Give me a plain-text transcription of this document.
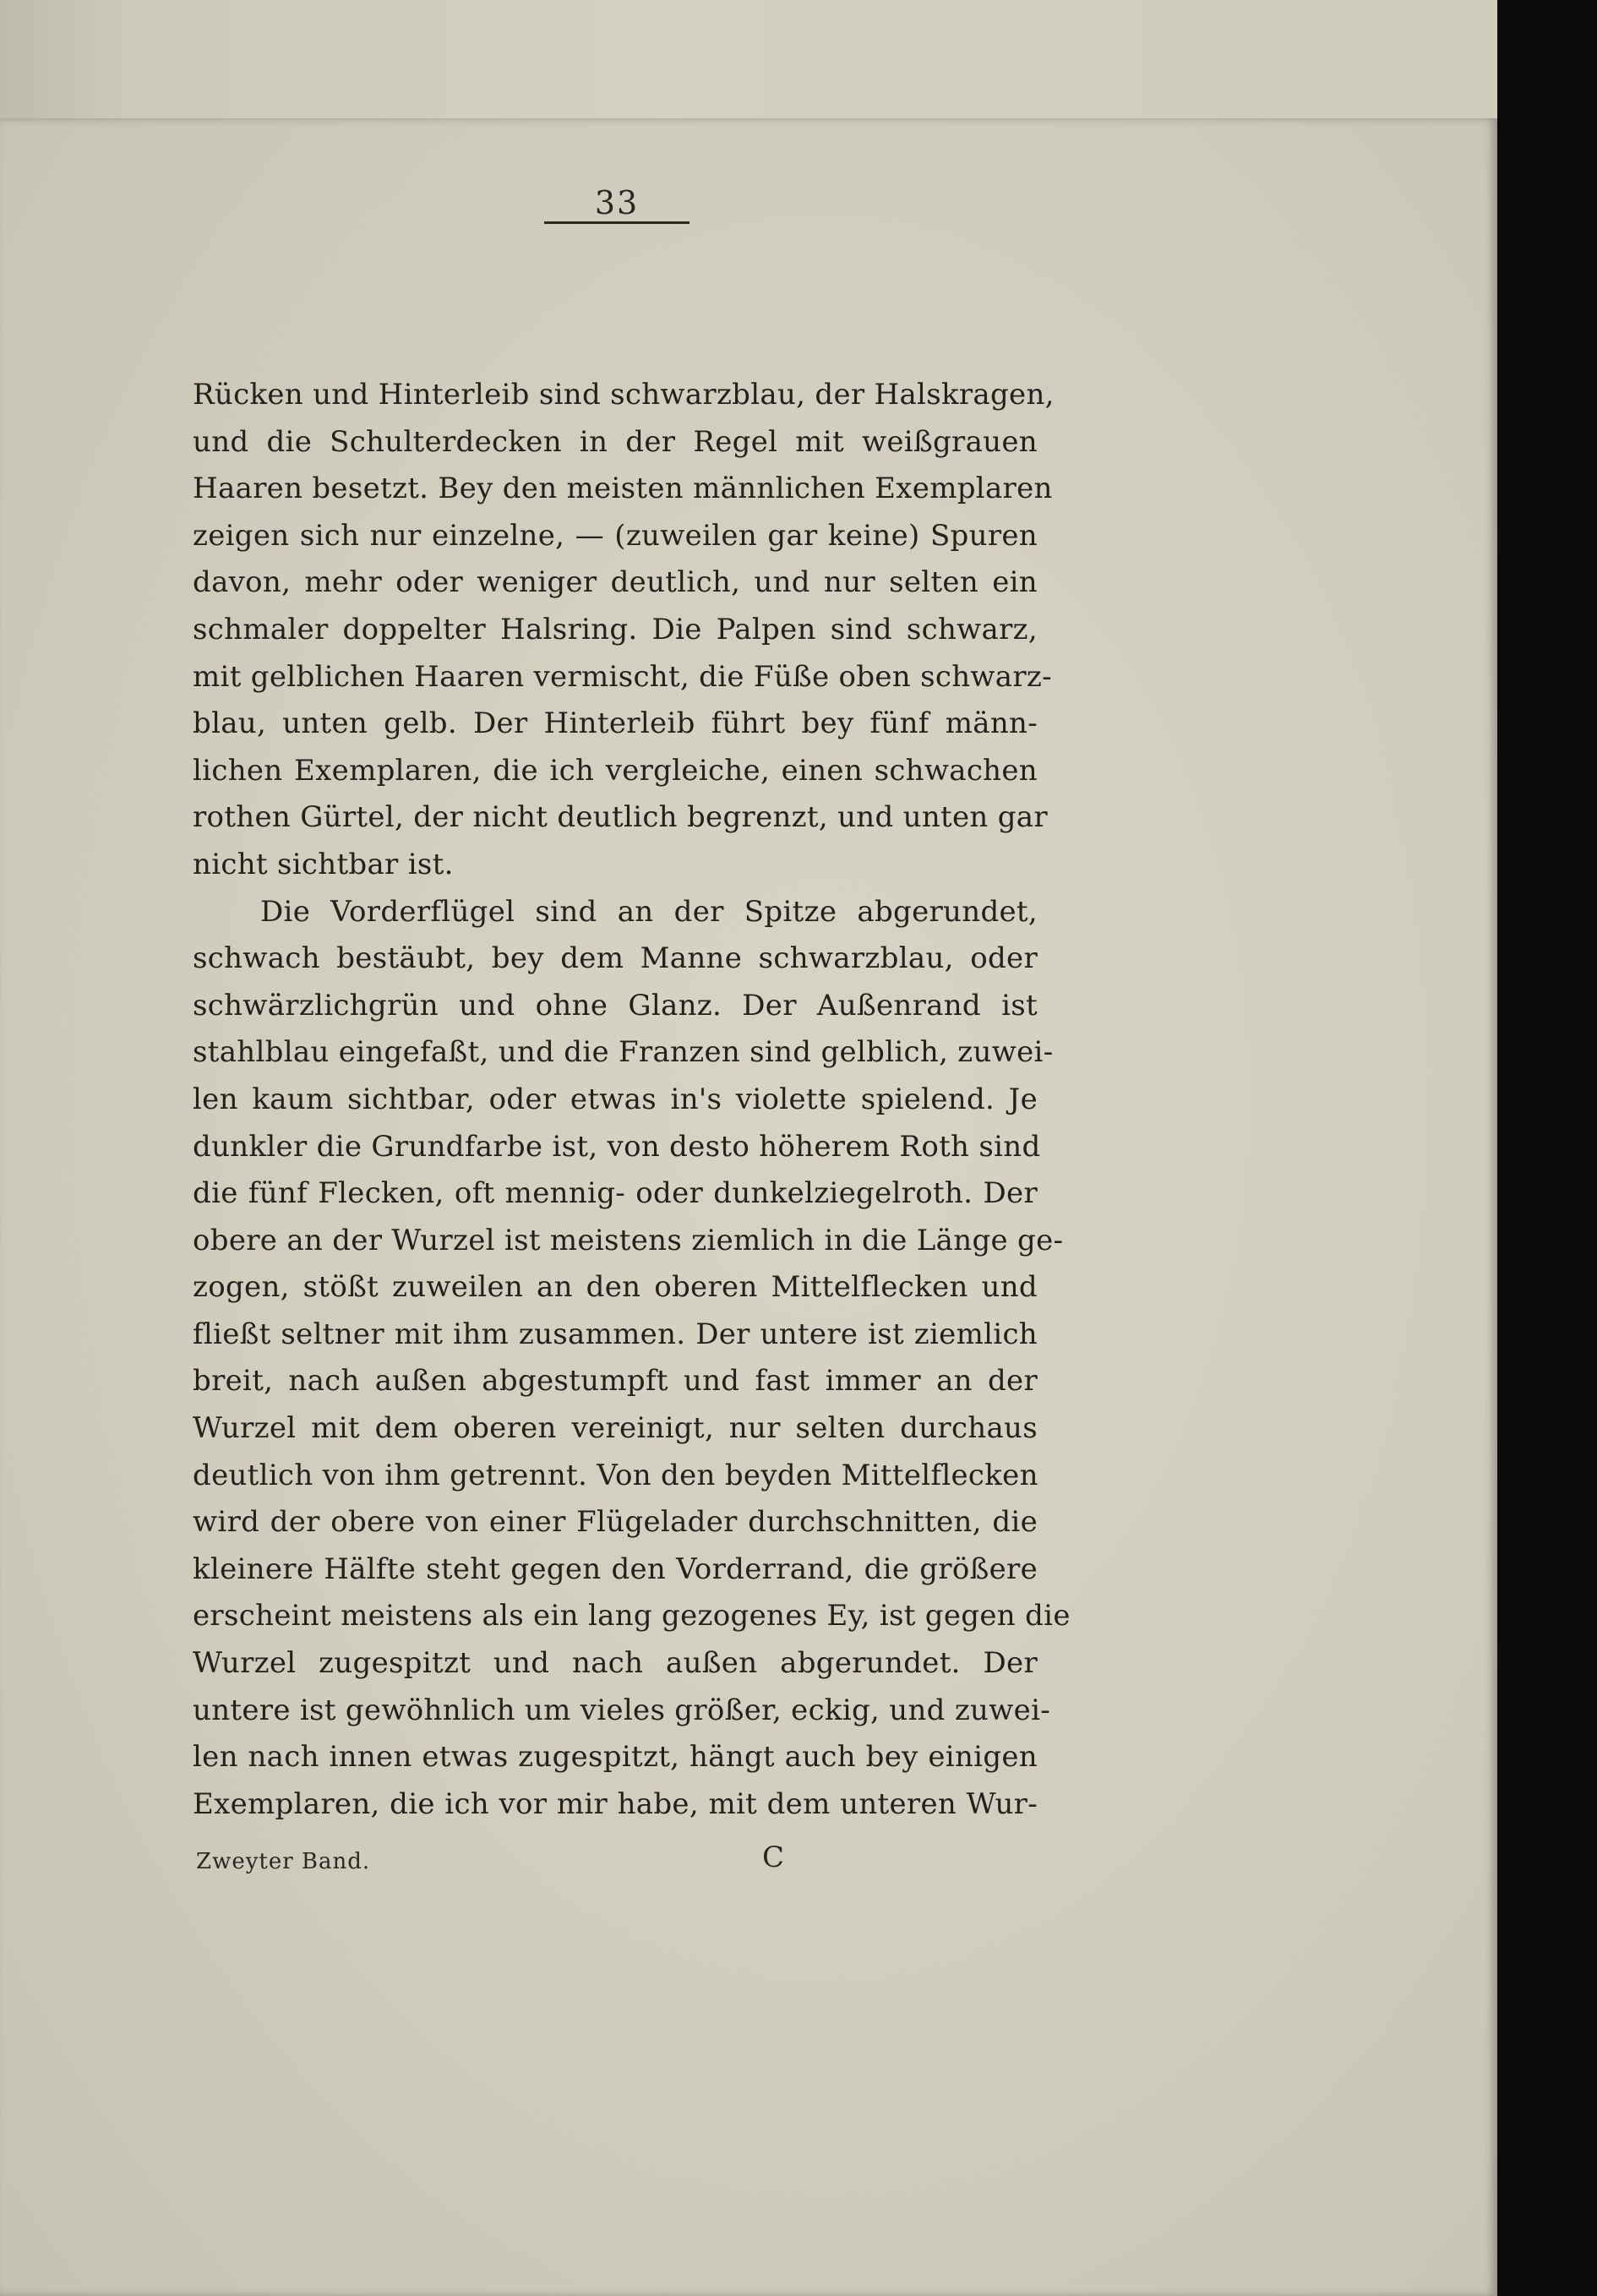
33
Rücken und Hinterleib sind schwarzblau, der Halskragen,
und die Schulterdecken in der Regel mit weißgrauen
Haaren besetzt. Bey den meisten männlichen Exemplaren
zeigen sich nur einzelne, — (zuweilen gar keine) Spuren
davon, mehr oder weniger deutlich, und nur selten ein
schmaler doppelter Halsring. Die Palpen sind schwarz,
mit gelblichen Haaren vermischt, die Füße oben schwarz-
blau, unten gelb. Der Hinterleib führt bey fünf männ-
lichen Exemplaren, die ich vergleiche, einen schwachen
rothen Gürtel, der nicht deutlich begrenzt, und unten gar
nicht sichtbar ist.
Die Vorderflügel sind an der Spitze abgerundet,
schwach bestäubt, bey dem Manne schwarzblau, oder
schwärzlichgrün und ohne Glanz. Der Außenrand ist
stahlblau eingefaßt, und die Franzen sind gelblich, zuwei-
len kaum sichtbar, oder etwas in's violette spielend. Je
dunkler die Grundfarbe ist, von desto höherem Roth sind
die fünf Flecken, oft mennig- oder dunkelziegelroth. Der
obere an der Wurzel ist meistens ziemlich in die Länge ge-
zogen, stößt zuweilen an den oberen Mittelflecken und
fließt seltner mit ihm zusammen. Der untere ist ziemlich
breit, nach außen abgestumpft und fast immer an der
Wurzel mit dem oberen vereinigt, nur selten durchaus
deutlich von ihm getrennt. Von den beyden Mittelflecken
wird der obere von einer Flügelader durchschnitten, die
kleinere Hälfte steht gegen den Vorderrand, die größere
erscheint meistens als ein lang gezogenes Ey, ist gegen die
Wurzel zugespitzt und nach außen abgerundet. Der
untere ist gewöhnlich um vieles größer, eckig, und zuwei-
len nach innen etwas zugespitzt, hängt auch bey einigen
Exemplaren, die ich vor mir habe, mit dem unteren Wur-
Zweyter Band.	C
